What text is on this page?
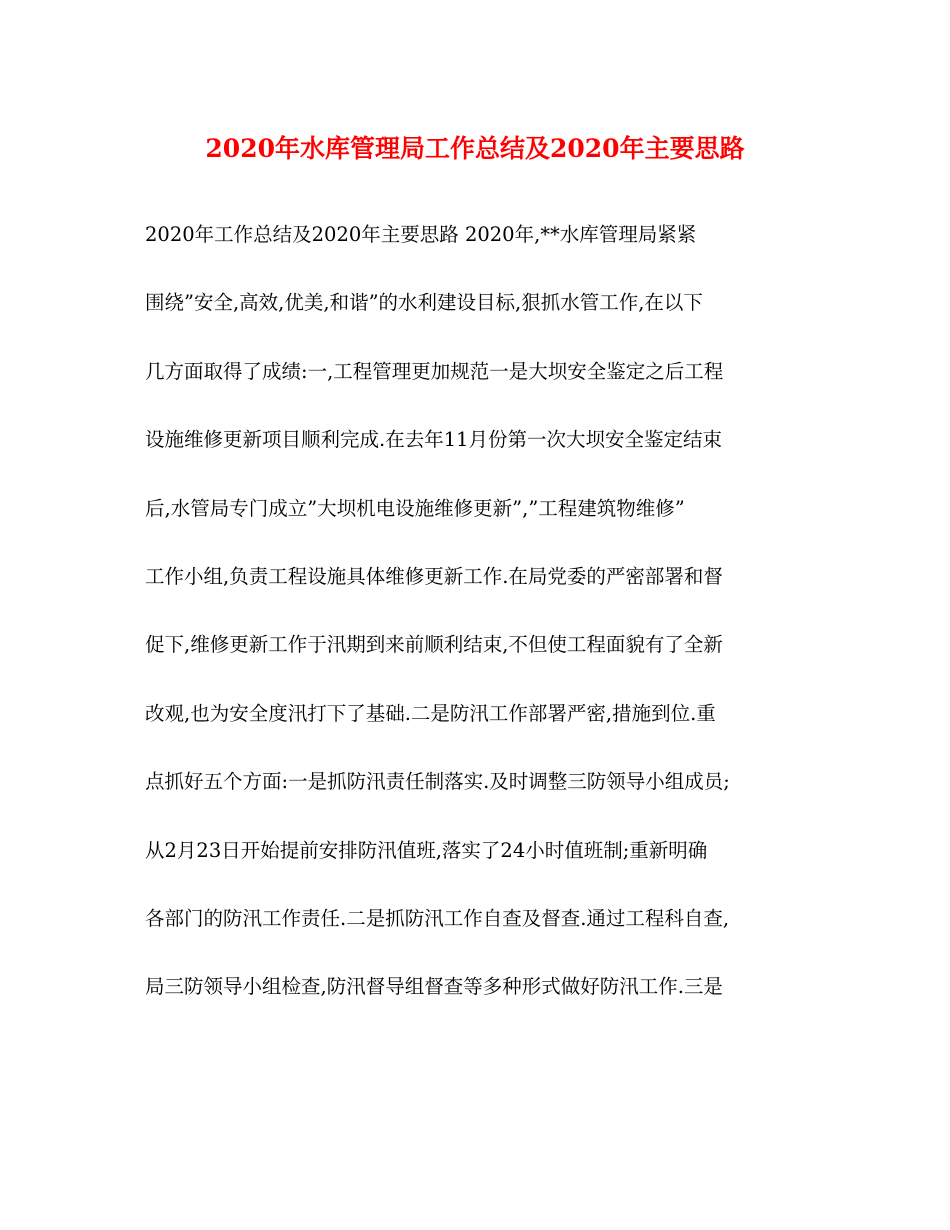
2020年水库管理局工作总结及2020年主要思路
2020年工作总结及2020年主要思路 2020年,**水库管理局紧紧
围绕”安全,高效,优美,和谐”的水利建设目标,狠抓水管工作,在以下
几方面取得了成绩:一,工程管理更加规范一是大坝安全鉴定之后工程
设施维修更新项目顺利完成.在去年11月份第一次大坝安全鉴定结束
后,水管局专门成立”大坝机电设施维修更新”,”工程建筑物维修”
工作小组,负责工程设施具体维修更新工作.在局党委的严密部署和督
促下,维修更新工作于汛期到来前顺利结束,不但使工程面貌有了全新
改观,也为安全度汛打下了基础.二是防汛工作部署严密,措施到位.重
点抓好五个方面:一是抓防汛责任制落实.及时调整三防领导小组成员;
从2月23日开始提前安排防汛值班,落实了24小时值班制;重新明确
各部门的防汛工作责任.二是抓防汛工作自查及督查.通过工程科自查,
局三防领导小组检查,防汛督导组督查等多种形式做好防汛工作.三是
